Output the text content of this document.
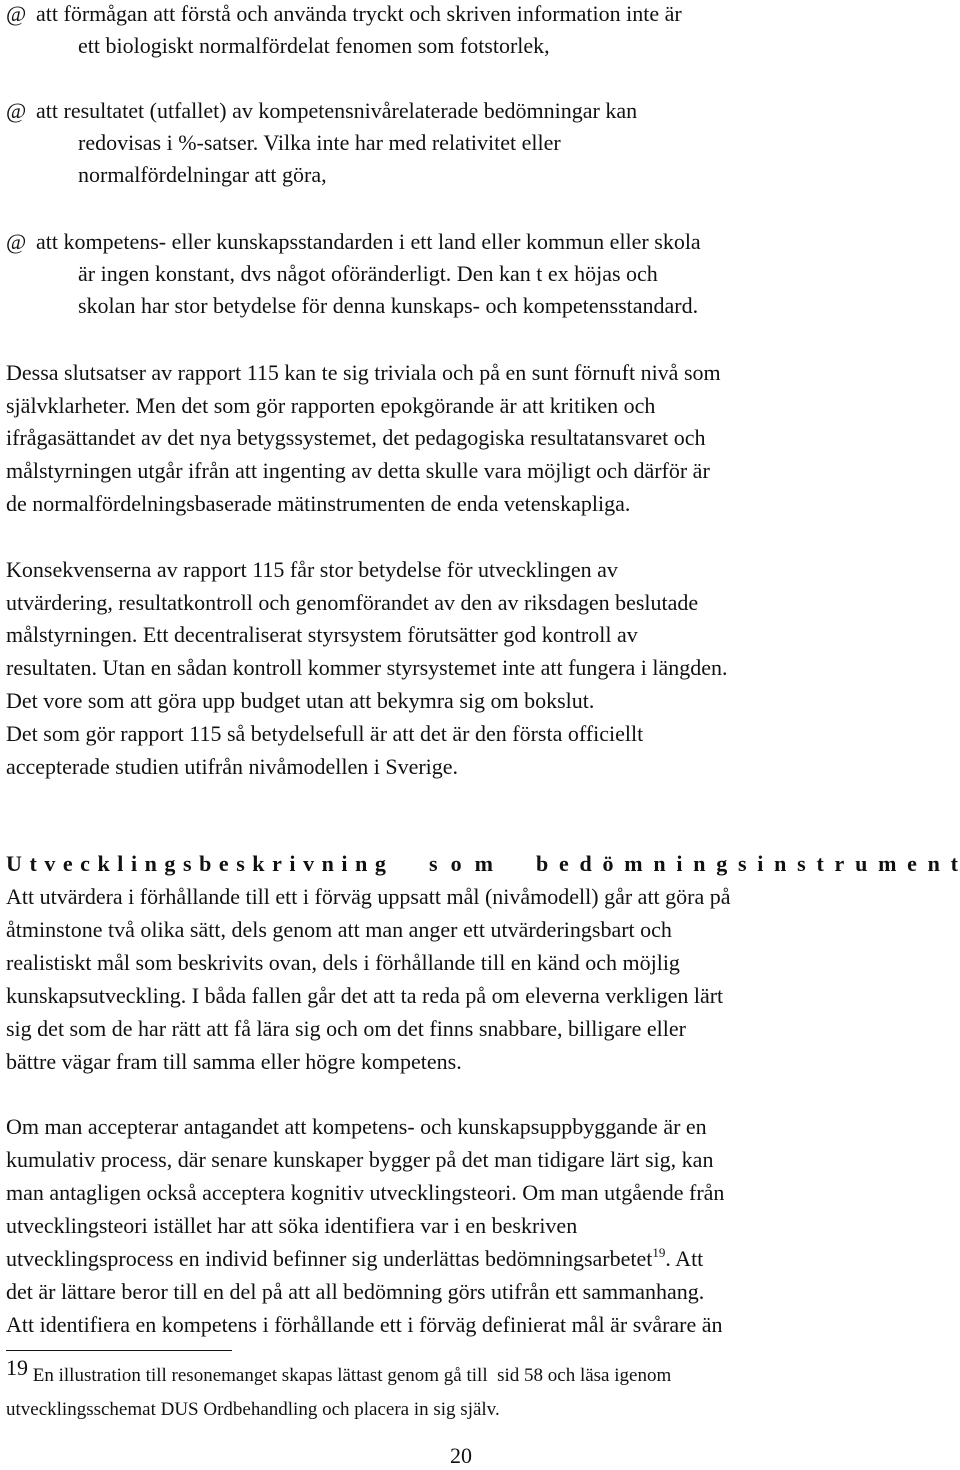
@ att förmågan att förstå och använda tryckt och skriven information inte är
ett biologiskt normalfördelat fenomen som fotstorlek,
@ att resultatet (utfallet) av kompetensnivårelaterade bedömningar kan
redovisas i %-satser. Vilka inte har med relativitet eller
normalfördelningar att göra,
@ att kompetens- eller kunskapsstandarden i ett land eller kommun eller skola
är ingen konstant, dvs något oföränderligt. Den kan t ex höjas och
skolan har stor betydelse för denna kunskaps- och kompetensstandard.
Dessa slutsatser av rapport 115 kan te sig triviala och på en sunt förnuft nivå som
självklarheter. Men det som gör rapporten epokgörande är att kritiken och
ifrågasättandet av det nya betygssystemet, det pedagogiska resultatansvaret och
målstyrningen utgår ifrån att ingenting av detta skulle vara möjligt och därför är
de normalfördelningsbaserade mätinstrumenten de enda vetenskapliga.
Konsekvenserna av rapport 115 får stor betydelse för utvecklingen av
utvärdering, resultatkontroll och genomförandet av den av riksdagen beslutade
målstyrningen. Ett decentraliserat styrsystem förutsätter god kontroll av
resultaten. Utan en sådan kontroll kommer styrsystemet inte att fungera i längden.
Det vore som att göra upp budget utan att bekymra sig om bokslut.
Det som gör rapport 115 så betydelsefull är att det är den första officiellt
accepterade studien utifrån nivåmodellen i Sverige.
U t v e c k l i n g s b e s k r i v n i n g s o m b e d ö m n i n g s i n s t r u m e n t
Att utvärdera i förhållande till ett i förväg uppsatt mål (nivåmodell) går att göra på
åtminstone två olika sätt, dels genom att man anger ett utvärderingsbart och
realistiskt mål som beskrivits ovan, dels i förhållande till en känd och möjlig
kunskapsutveckling. I båda fallen går det att ta reda på om eleverna verkligen lärt
sig det som de har rätt att få lära sig och om det finns snabbare, billigare eller
bättre vägar fram till samma eller högre kompetens.
Om man accepterar antagandet att kompetens- och kunskapsuppbyggande är en
kumulativ process, där senare kunskaper bygger på det man tidigare lärt sig, kan
man antagligen också acceptera kognitiv utvecklingsteori. Om man utgående från
utvecklingsteori istället har att söka identifiera var i en beskriven
utvecklingsprocess en individ befinner sig underlättas bedömningsarbetet$^{19}$. Att
det är lättare beror till en del på att all bedömning görs utifrån ett sammanhang.
Att identifiera en kompetens i förhållande ett i förväg definierat mål är svårare än
19 En illustration till resonemanget skapas lättast genom gå till  sid 58 och läsa igenom
utvecklingsschemat DUS Ordbehandling och placera in sig själv.
20
